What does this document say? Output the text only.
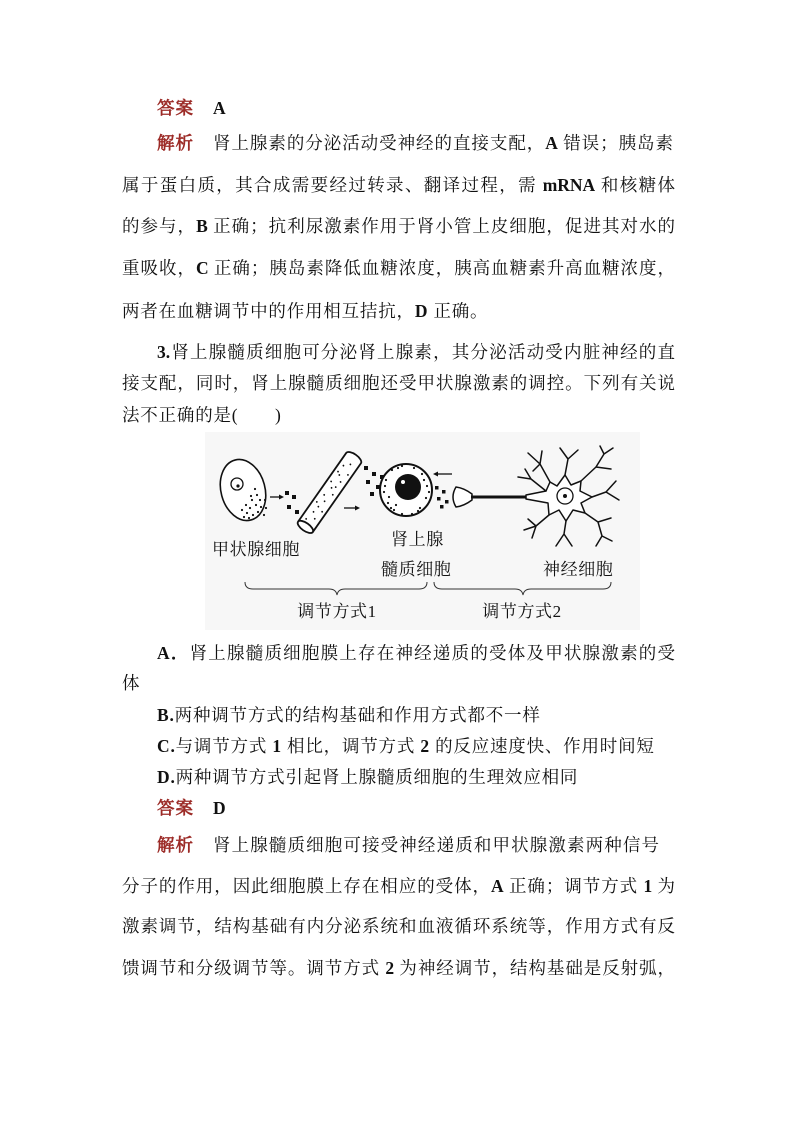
答案 A
解析 肾上腺素的分泌活动受神经的直接支配，A 错误；胰岛素
属于蛋白质，其合成需要经过转录、翻译过程，需 mRNA 和核糖体
的参与，B 正确；抗利尿激素作用于肾小管上皮细胞，促进其对水的
重吸收，C 正确；胰岛素降低血糖浓度，胰高血糖素升高血糖浓度，
两者在血糖调节中的作用相互拮抗，D 正确。
3.肾上腺髓质细胞可分泌肾上腺素，其分泌活动受内脏神经的直
接支配，同时，肾上腺髓质细胞还受甲状腺激素的调控。下列有关说
法不正确的是(　　)
甲状腺细胞
肾上腺
髓质细胞	神经细胞
调节方式1	调节方式2
A．肾上腺髓质细胞膜上存在神经递质的受体及甲状腺激素的受
体
B.两种调节方式的结构基础和作用方式都不一样
C.与调节方式 1 相比，调节方式 2 的反应速度快、作用时间短
D.两种调节方式引起肾上腺髓质细胞的生理效应相同
答案 D
解析 肾上腺髓质细胞可接受神经递质和甲状腺激素两种信号
分子的作用，因此细胞膜上存在相应的受体，A 正确；调节方式 1 为
激素调节，结构基础有内分泌系统和血液循环系统等，作用方式有反
馈调节和分级调节等。调节方式 2 为神经调节，结构基础是反射弧，
